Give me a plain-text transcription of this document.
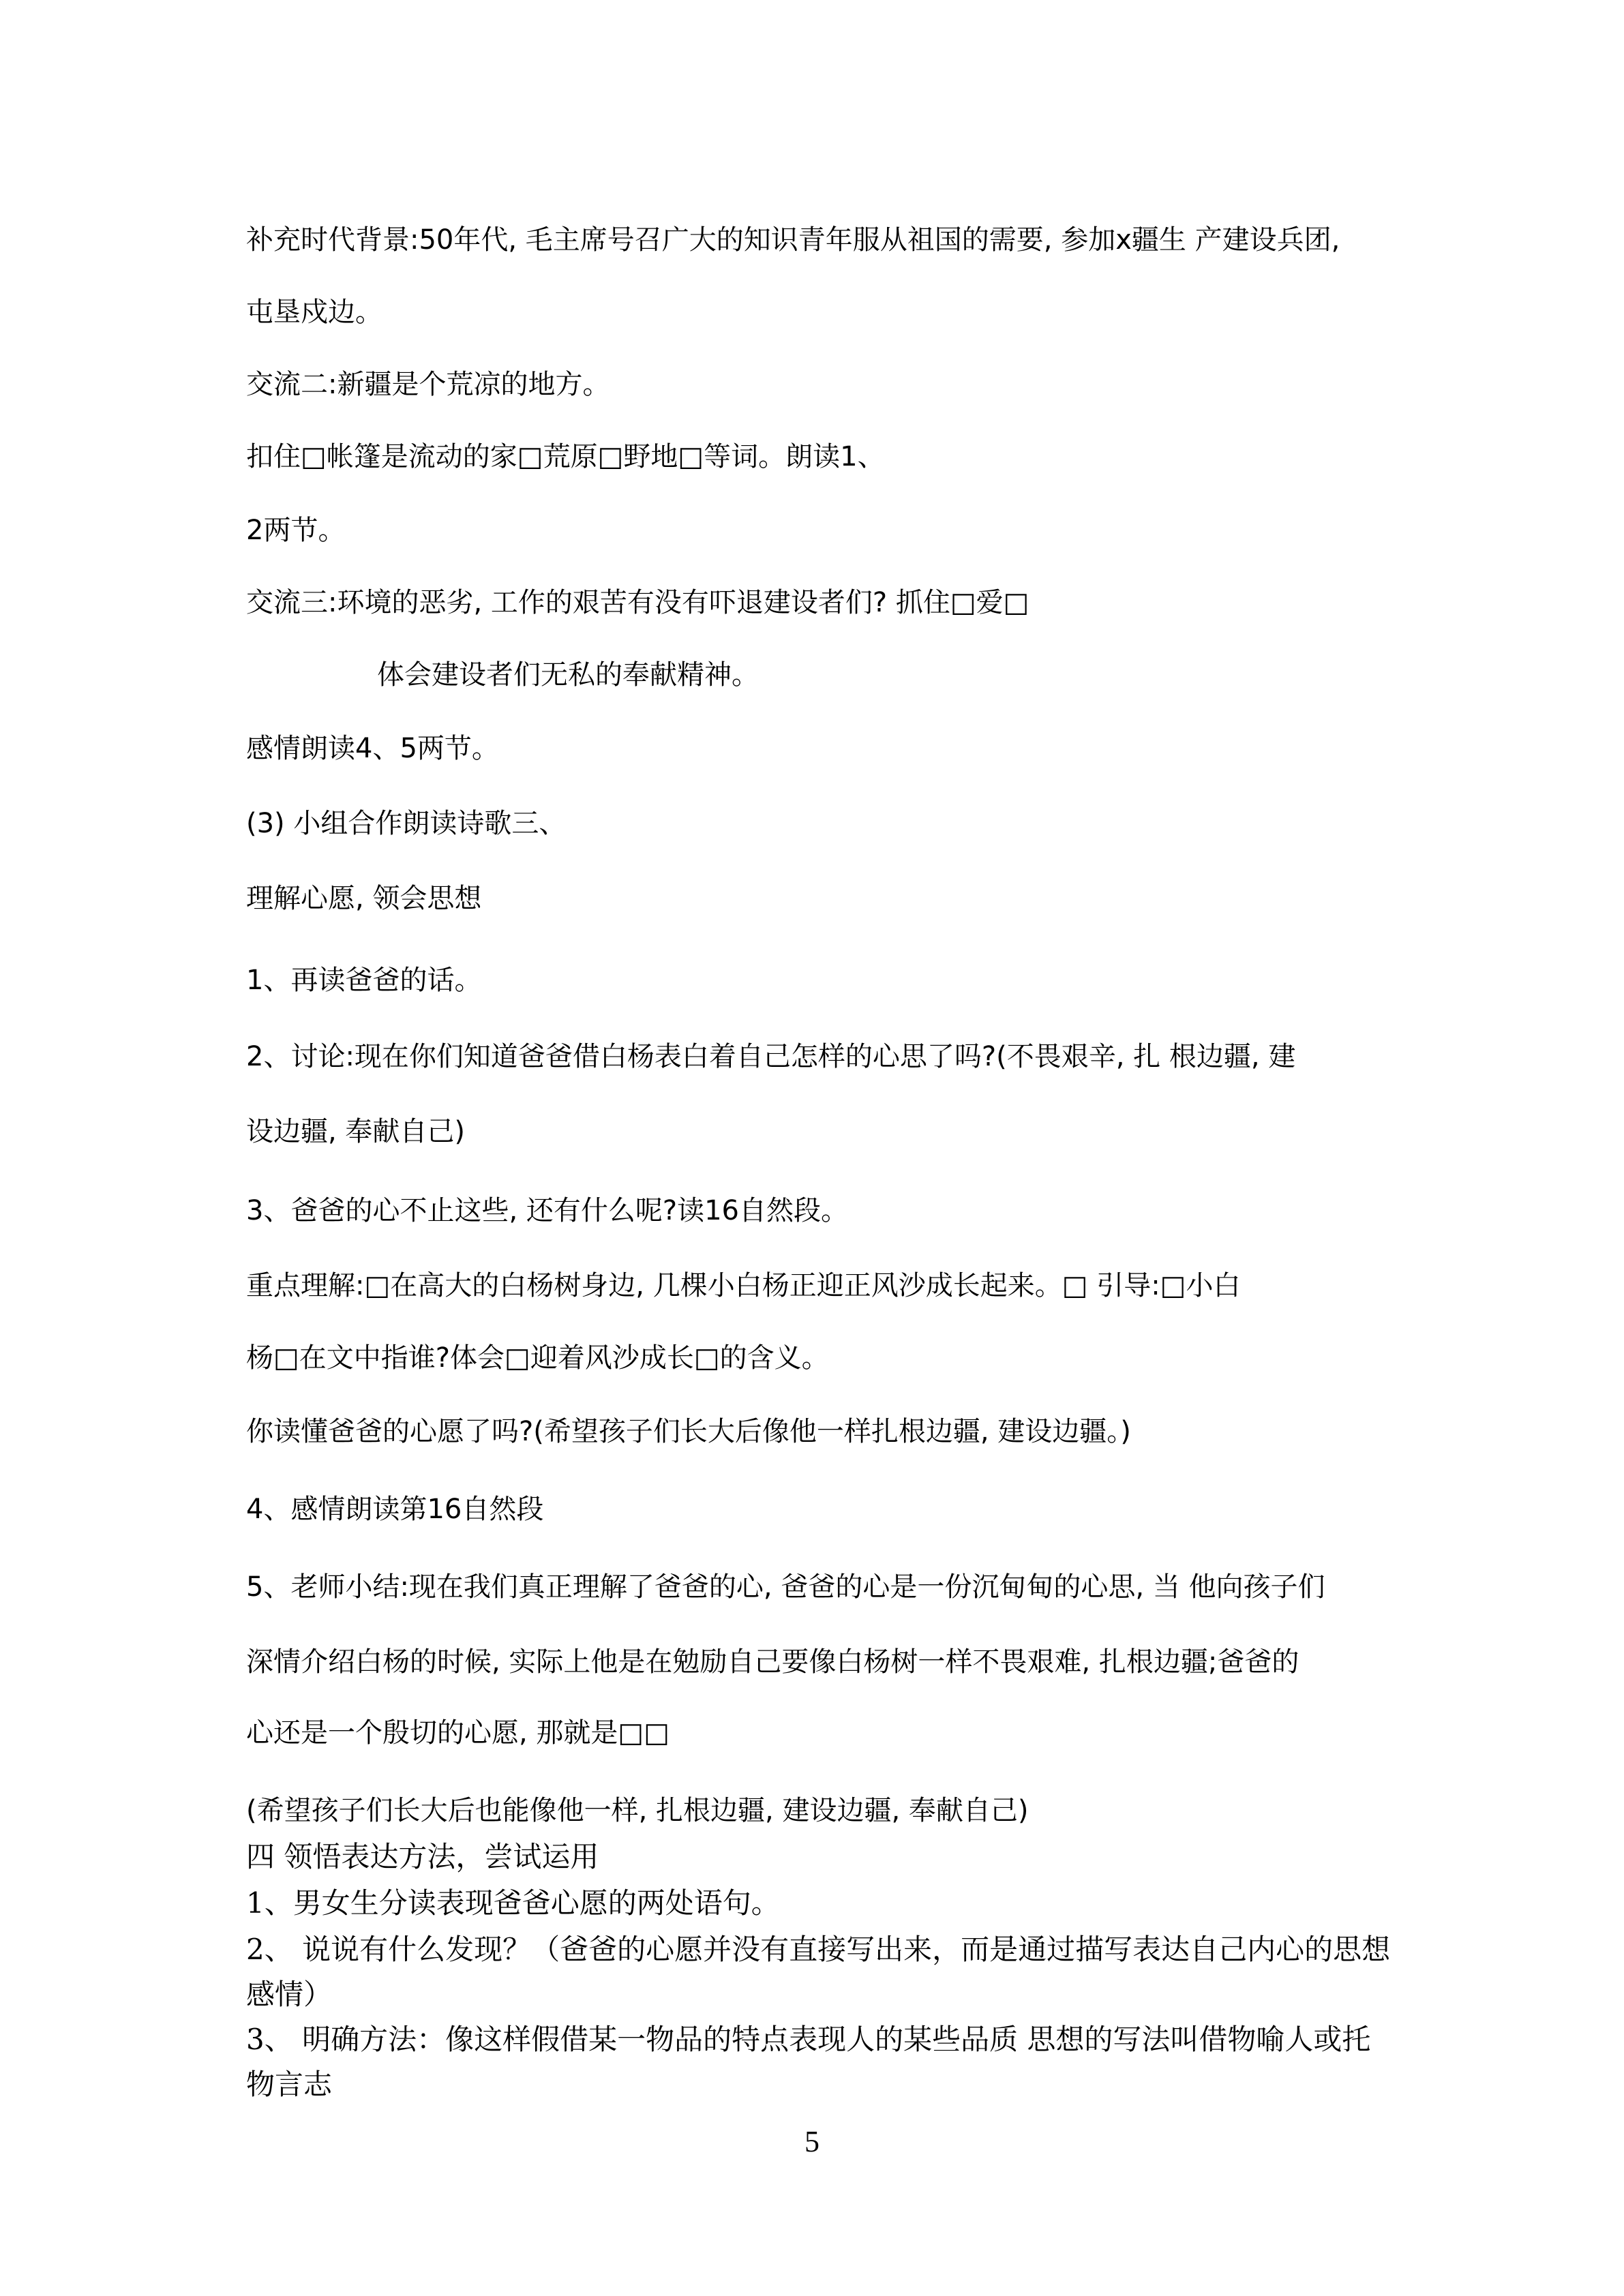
补充时代背景:50年代, 毛主席号召广大的知识青年服从祖国的需要, 参加x疆生 产建设兵团,
屯垦戍边。
交流二:新疆是个荒凉的地方。
扣住□帐篷是流动的家□荒原□野地□等词。朗读1、
2两节。
交流三:环境的恶劣, 工作的艰苦有没有吓退建设者们? 抓住□爱□
体会建设者们无私的奉献精神。
感情朗读4、5两节。
(3) 小组合作朗读诗歌三、
理解心愿, 领会思想
1、再读爸爸的话。
2、讨论:现在你们知道爸爸借白杨表白着自己怎样的心思了吗?(不畏艰辛, 扎 根边疆, 建
设边疆, 奉献自己)
3、爸爸的心不止这些, 还有什么呢?读16自然段。
重点理解:□在高大的白杨树身边, 几棵小白杨正迎正风沙成长起来。□ 引导:□小白
杨□在文中指谁?体会□迎着风沙成长□的含义。
你读懂爸爸的心愿了吗?(希望孩子们长大后像他一样扎根边疆, 建设边疆。)
4、感情朗读第16自然段
5、老师小结:现在我们真正理解了爸爸的心, 爸爸的心是一份沉甸甸的心思, 当 他向孩子们
深情介绍白杨的时候, 实际上他是在勉励自己要像白杨树一样不畏艰难, 扎根边疆;爸爸的
心还是一个殷切的心愿, 那就是□□
(希望孩子们长大后也能像他一样, 扎根边疆, 建设边疆, 奉献自己)
四 领悟表达方法，尝试运用
1、男女生分读表现爸爸心愿的两处语句。
2、 说说有什么发现？（爸爸的心愿并没有直接写出来，而是通过描写表达自己内心的思想
感情）
3、 明确方法：像这样假借某一物品的特点表现人的某些品质 思想的写法叫借物喻人或托
物言志
5
